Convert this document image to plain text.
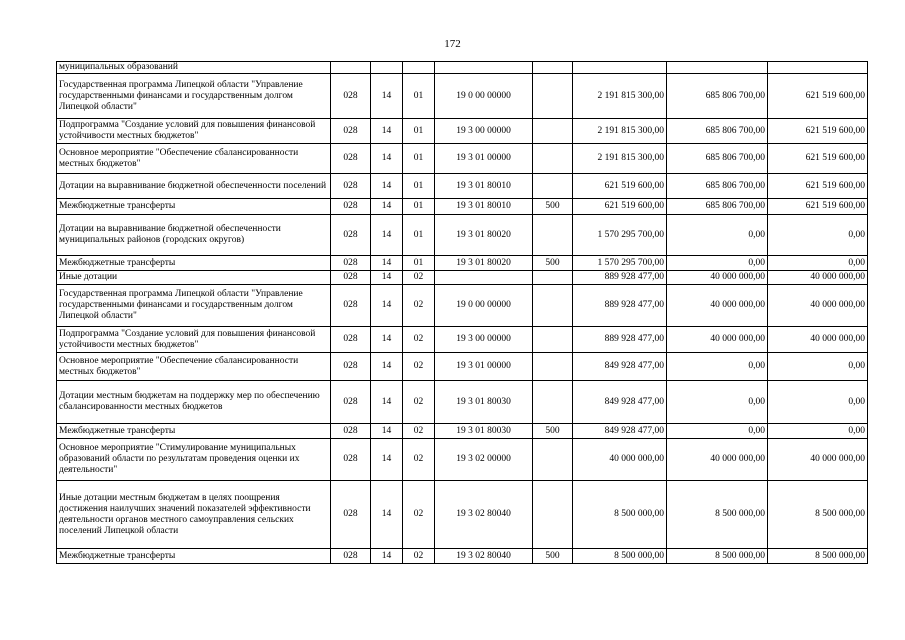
172
муниципальных образований								
Государственная программа Липецкой области "Управление государственными финансами и государственным долгом Липецкой области"	028	14	01	19 0 00 00000		2 191 815 300,00	685 806 700,00	621 519 600,00
Подпрограмма "Создание условий для повышения финансовой устойчивости местных бюджетов"	028	14	01	19 3 00 00000		2 191 815 300,00	685 806 700,00	621 519 600,00
Основное мероприятие "Обеспечение сбалансированности местных бюджетов"	028	14	01	19 3 01 00000		2 191 815 300,00	685 806 700,00	621 519 600,00
Дотации на выравнивание бюджетной обеспеченности поселений	028	14	01	19 3 01 80010		621 519 600,00	685 806 700,00	621 519 600,00
Межбюджетные трансферты	028	14	01	19 3 01 80010	500	621 519 600,00	685 806 700,00	621 519 600,00
Дотации на выравнивание бюджетной обеспеченности муниципальных районов (городских округов)	028	14	01	19 3 01 80020		1 570 295 700,00	0,00	0,00
Межбюджетные трансферты	028	14	01	19 3 01 80020	500	1 570 295 700,00	0,00	0,00
Иные дотации	028	14	02			889 928 477,00	40 000 000,00	40 000 000,00
Государственная программа Липецкой области "Управление государственными финансами и государственным долгом Липецкой области"	028	14	02	19 0 00 00000		889 928 477,00	40 000 000,00	40 000 000,00
Подпрограмма "Создание условий для повышения финансовой устойчивости местных бюджетов"	028	14	02	19 3 00 00000		889 928 477,00	40 000 000,00	40 000 000,00
Основное мероприятие "Обеспечение сбалансированности местных бюджетов"	028	14	02	19 3 01 00000		849 928 477,00	0,00	0,00
Дотации местным бюджетам на поддержку мер по обеспечению сбалансированности местных бюджетов	028	14	02	19 3 01 80030		849 928 477,00	0,00	0,00
Межбюджетные трансферты	028	14	02	19 3 01 80030	500	849 928 477,00	0,00	0,00
Основное мероприятие "Стимулирование муниципальных образований области по результатам проведения оценки их деятельности"	028	14	02	19 3 02 00000		40 000 000,00	40 000 000,00	40 000 000,00
Иные дотации местным бюджетам в целях поощрения достижения наилучших значений показателей эффективности деятельности органов местного самоуправления сельских поселений Липецкой области	028	14	02	19 3 02 80040		8 500 000,00	8 500 000,00	8 500 000,00
Межбюджетные трансферты	028	14	02	19 3 02 80040	500	8 500 000,00	8 500 000,00	8 500 000,00
